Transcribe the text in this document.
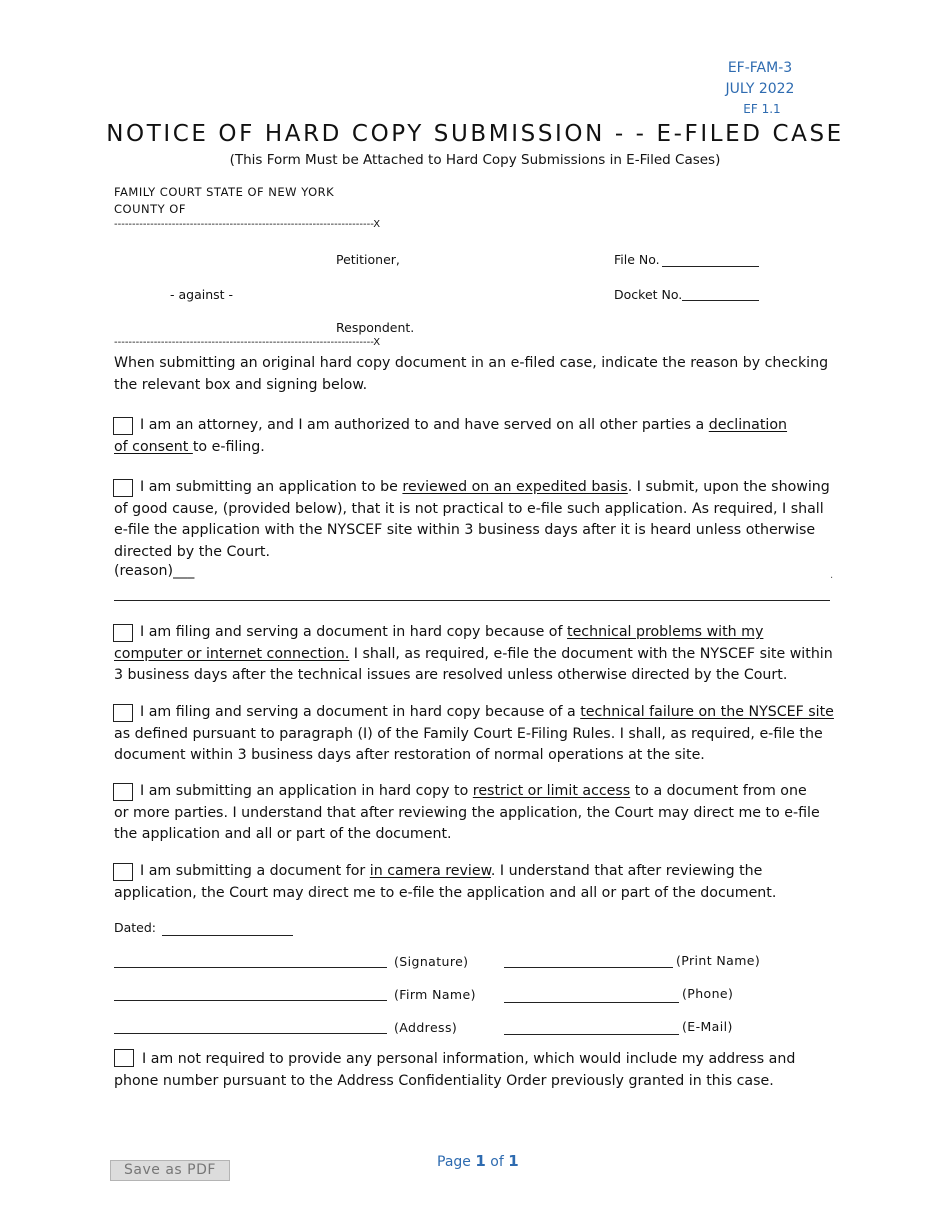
EF-FAM-3
JULY 2022
EF 1.1
NOTICE OF HARD COPY SUBMISSION - - E-FILED CASE
(This Form Must be Attached to Hard Copy Submissions in E-Filed Cases)
FAMILY COURT STATE OF NEW YORK
COUNTY OF
------------------------------------------------------------------------X
Petitioner,
- against -
Respondent.
------------------------------------------------------------------------X
File No.
Docket No.
When submitting an original hard copy document in an e-filed case, indicate the reason by checking the relevant box and signing below.
I am an attorney, and I am authorized to and have served on all other parties a declination of consent to e-filing.
I am submitting an application to be reviewed on an expedited basis. I submit, upon the showing of good cause, (provided below), that it is not practical to e-file such application. As required, I shall e-file the application with the NYSCEF site within 3 business days after it is heard unless otherwise directed by the Court.
(reason)___	.
I am filing and serving a document in hard copy because of technical problems with my computer or internet connection. I shall, as required, e-file the document with the NYSCEF site within 3 business days after the technical issues are resolved unless otherwise directed by the Court.
I am filing and serving a document in hard copy because of a technical failure on the NYSCEF site as defined pursuant to paragraph (I) of the Family Court E-Filing Rules. I shall, as required, e-file the document within 3 business days after restoration of normal operations at the site.
I am submitting an application in hard copy to restrict or limit access to a document from one or more parties. I understand that after reviewing the application, the Court may direct me to e-file the application and all or part of the document.
I am submitting a document for in camera review. I understand that after reviewing the application, the Court may direct me to e-file the application and all or part of the document.
Dated:
(Signature)	(Print Name)
(Firm Name)	(Phone)
(Address)	(E-Mail)
I am not required to provide any personal information, which would include my address and phone number pursuant to the Address Confidentiality Order previously granted in this case.
Page 1 of 1
Save as PDF
